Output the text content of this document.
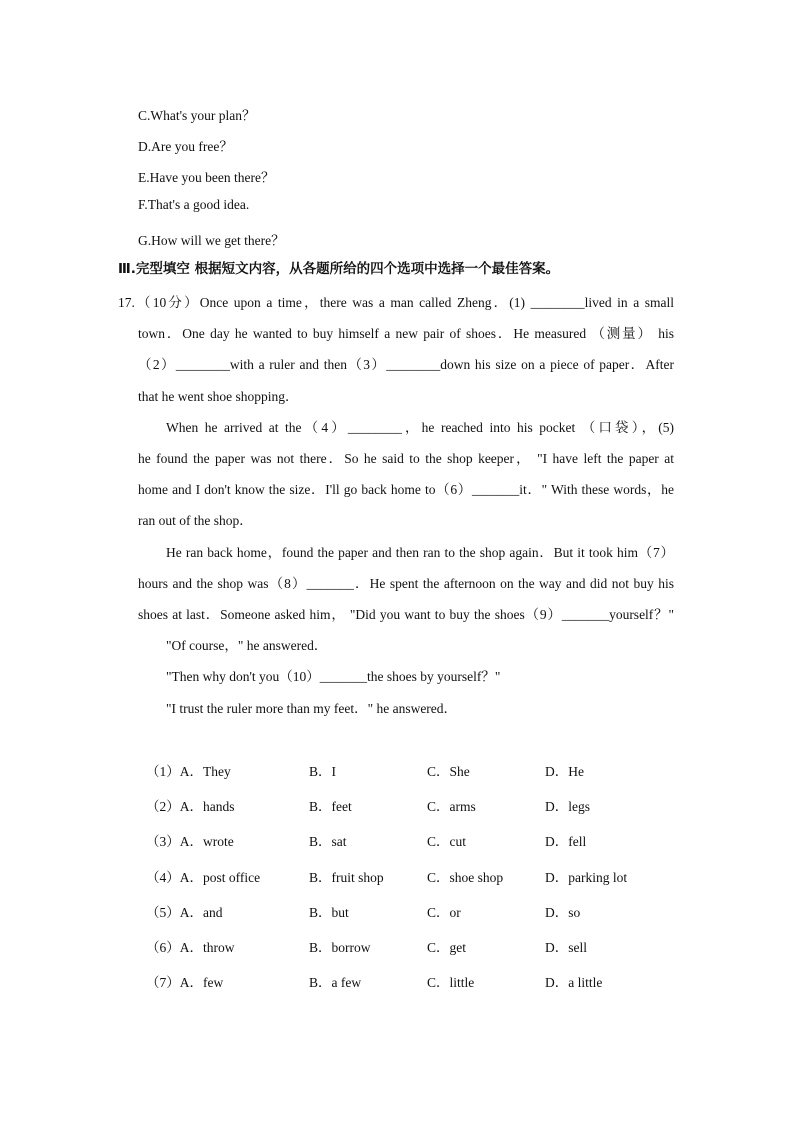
C.What's your plan？
D.Are you free？
E.Have you been there？
F.That's a good idea.
G.How will we get there？
Ⅲ.完型填空 根据短文内容，从各题所给的四个选项中选择一个最佳答案。
17.（10分）Once upon a time，there was a man called Zheng．(1) ________lived in a small
town．One day he wanted to buy himself a new pair of shoes．He measured （测量） his
（2）________with a ruler and then（3）________down his size on a piece of paper．After
that he went shoe shopping．
When he arrived at the（4）________，he reached into his pocket （口袋），(5)
he found the paper was not there．So he said to the shop keeper， "I have left the paper at
home and I don't know the size．I'll go back home to（6）_______it．" With these words，he
ran out of the shop．
He ran back home，found the paper and then ran to the shop again．But it took him（7）
hours and the shop was（8）_______．He spent the afternoon on the way and did not buy his
shoes at last．Someone asked him， "Did you want to buy the shoes（9）_______yourself？"
"Of course，" he answered．
"Then why don't you（10）_______the shoes by yourself？"
"I trust the ruler more than my feet．" he answered．
（1）A．They	B．I	C．She	D．He
（2）A．hands	B．feet	C．arms	D．legs
（3）A．wrote	B．sat	C．cut	D．fell
（4）A．post office	B．fruit shop	C．shoe shop	D．parking lot
（5）A．and	B．but	C．or	D．so
（6）A．throw	B．borrow	C．get	D．sell
（7）A．few	B．a few	C．little	D．a little
